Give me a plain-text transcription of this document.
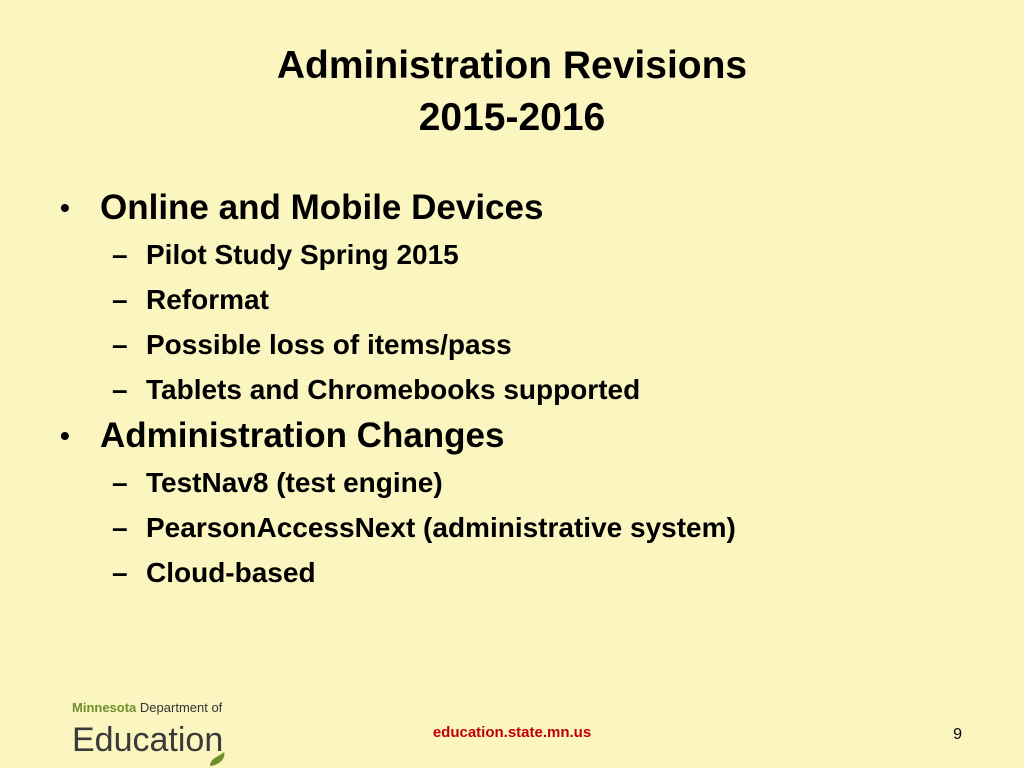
Administration Revisions
2015-2016
• Online and Mobile Devices
– Pilot Study Spring 2015
– Reformat
– Possible loss of items/pass
– Tablets and Chromebooks supported
• Administration Changes
– TestNav8 (test engine)
– PearsonAccessNext (administrative system)
– Cloud-based
Minnesota Department of
Education	education.state.mn.us	9
